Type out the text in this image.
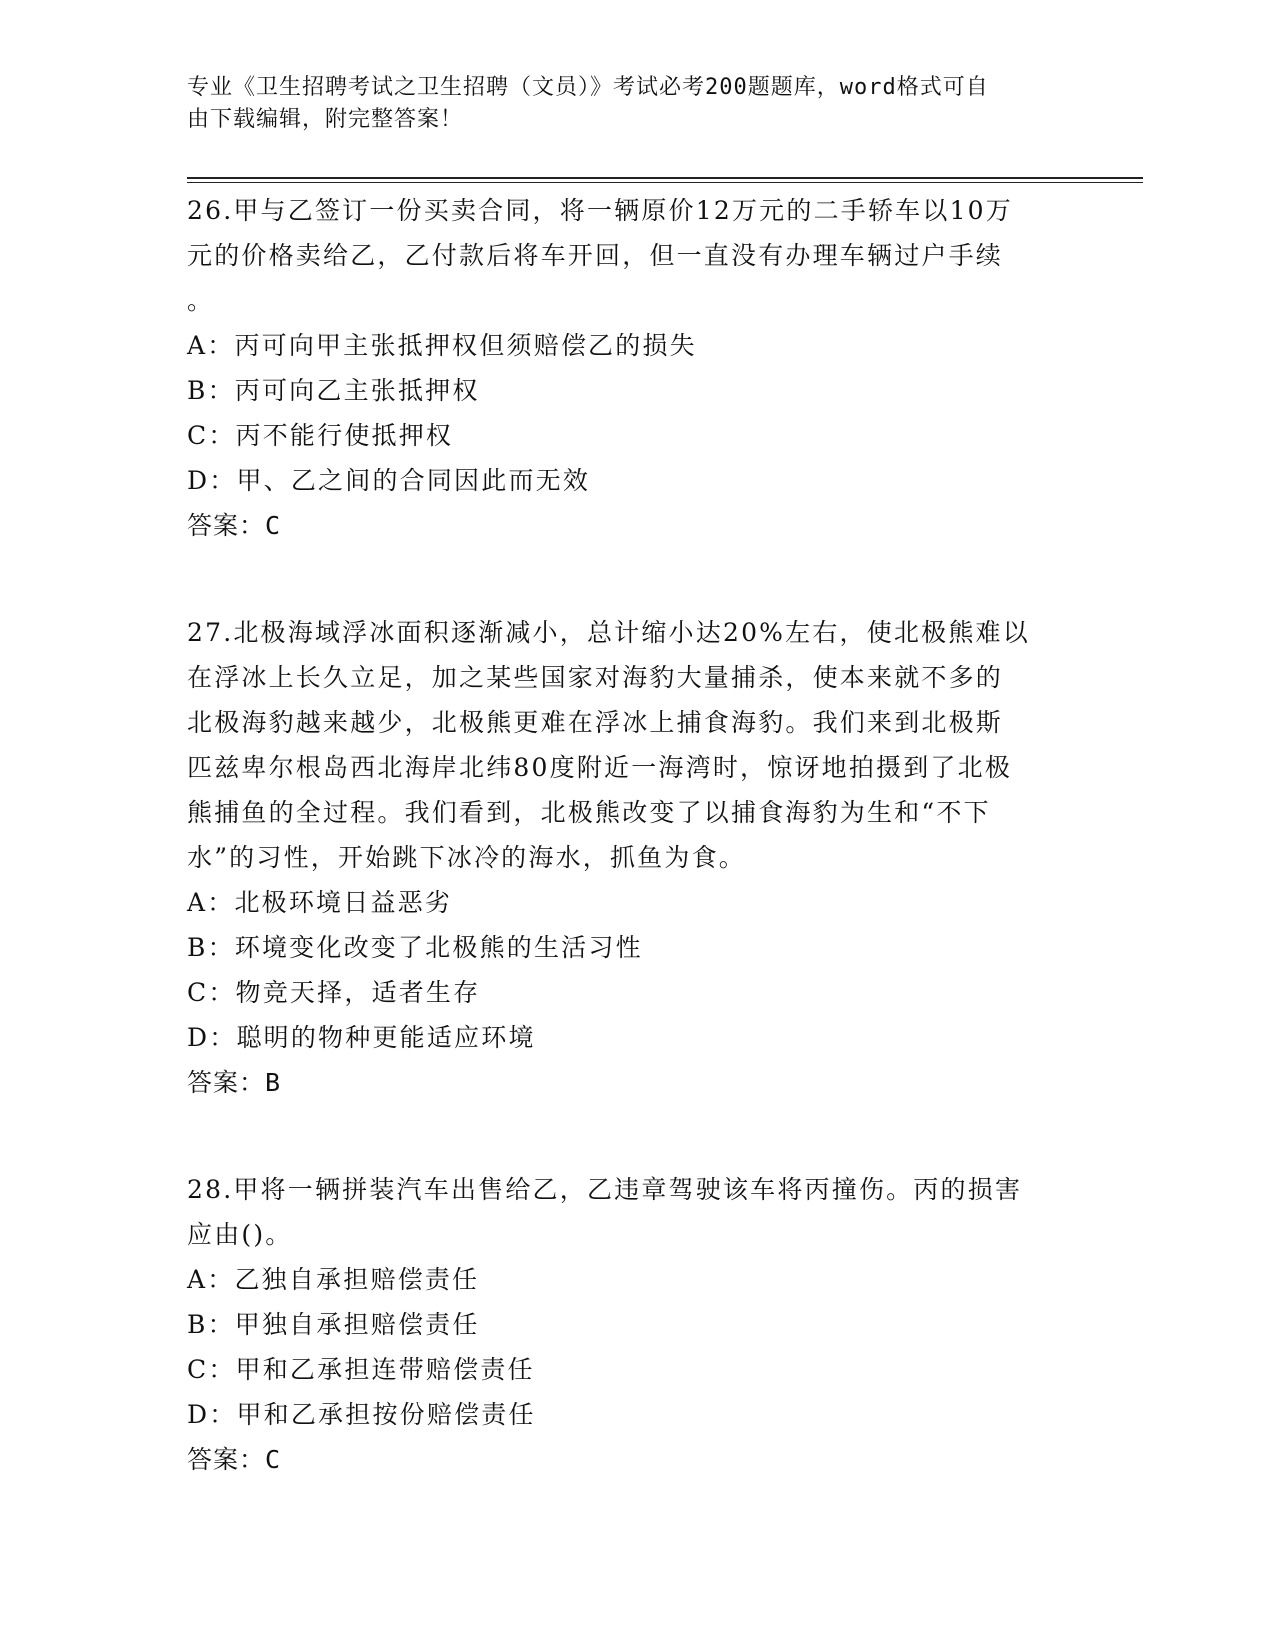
专业《卫生招聘考试之卫生招聘（文员）》考试必考200题题库，word格式可自
由下载编辑，附完整答案！

26.甲与乙签订一份买卖合同，将一辆原价12万元的二手轿车以10万

元的价格卖给乙，乙付款后将车开回，但一直没有办理车辆过户手续

。

A：丙可向甲主张抵押权但须赔偿乙的损失

B：丙可向乙主张抵押权

C：丙不能行使抵押权

D：甲、乙之间的合同因此而无效

答案：C

27.北极海域浮冰面积逐渐减小，总计缩小达20%左右，使北极熊难以

在浮冰上长久立足，加之某些国家对海豹大量捕杀，使本来就不多的

北极海豹越来越少，北极熊更难在浮冰上捕食海豹。我们来到北极斯

匹兹卑尔根岛西北海岸北纬80度附近一海湾时，惊讶地拍摄到了北极

熊捕鱼的全过程。我们看到，北极熊改变了以捕食海豹为生和“不下

水”的习性，开始跳下冰冷的海水，抓鱼为食。

A：北极环境日益恶劣

B：环境变化改变了北极熊的生活习性

C：物竞天择，适者生存

D：聪明的物种更能适应环境

答案：B

28.甲将一辆拼装汽车出售给乙，乙违章驾驶该车将丙撞伤。丙的损害

应由()。

A：乙独自承担赔偿责任

B：甲独自承担赔偿责任

C：甲和乙承担连带赔偿责任

D：甲和乙承担按份赔偿责任

答案：C
